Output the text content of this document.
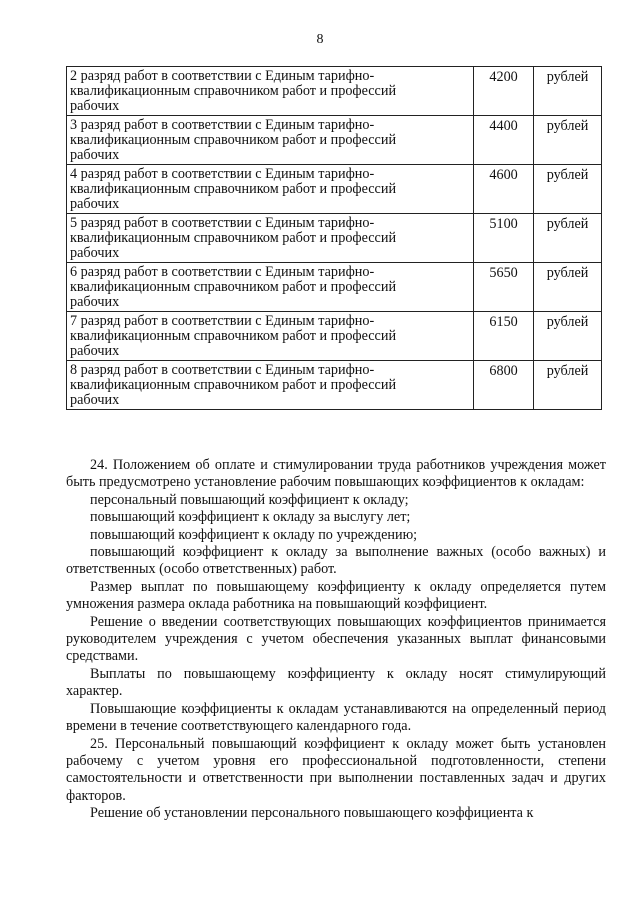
8
2 разряд работ в соответствии с Единым тарифно-
квалификационным справочником работ и профессий
рабочих	4200	рублей

3 разряд работ в соответствии с Единым тарифно-
квалификационным справочником работ и профессий
рабочих	4400	рублей

4 разряд работ в соответствии с Единым тарифно-
квалификационным справочником работ и профессий
рабочих	4600	рублей

5 разряд работ в соответствии с Единым тарифно-
квалификационным справочником работ и профессий
рабочих	5100	рублей

6 разряд работ в соответствии с Единым тарифно-
квалификационным справочником работ и профессий
рабочих	5650	рублей

7 разряд работ в соответствии с Единым тарифно-
квалификационным справочником работ и профессий
рабочих	6150	рублей

8 разряд работ в соответствии с Единым тарифно-
квалификационным справочником работ и профессий
рабочих	6800	рублей

24. Положением об оплате и стимулировании труда работников учреждения может быть предусмотрено установление рабочим повышающих коэффициентов к окладам:

персональный повышающий коэффициент к окладу;

повышающий коэффициент к окладу за выслугу лет;

повышающий коэффициент к окладу по учреждению;

повышающий коэффициент к окладу за выполнение важных (особо важных) и ответственных (особо ответственных) работ.

Размер выплат по повышающему коэффициенту к окладу определяется путем умножения размера оклада работника на повышающий коэффициент.

Решение о введении соответствующих повышающих коэффициентов принимается руководителем учреждения с учетом обеспечения указанных выплат финансовыми средствами.

Выплаты по повышающему коэффициенту к окладу носят стимулирующий характер.

Повышающие коэффициенты к окладам устанавливаются на определенный период времени в течение соответствующего календарного года.

25. Персональный повышающий коэффициент к окладу может быть установлен рабочему с учетом уровня его профессиональной подготовленности, степени самостоятельности и ответственности при выполнении поставленных задач и других факторов.

Решение об установлении персонального повышающего коэффициента к
